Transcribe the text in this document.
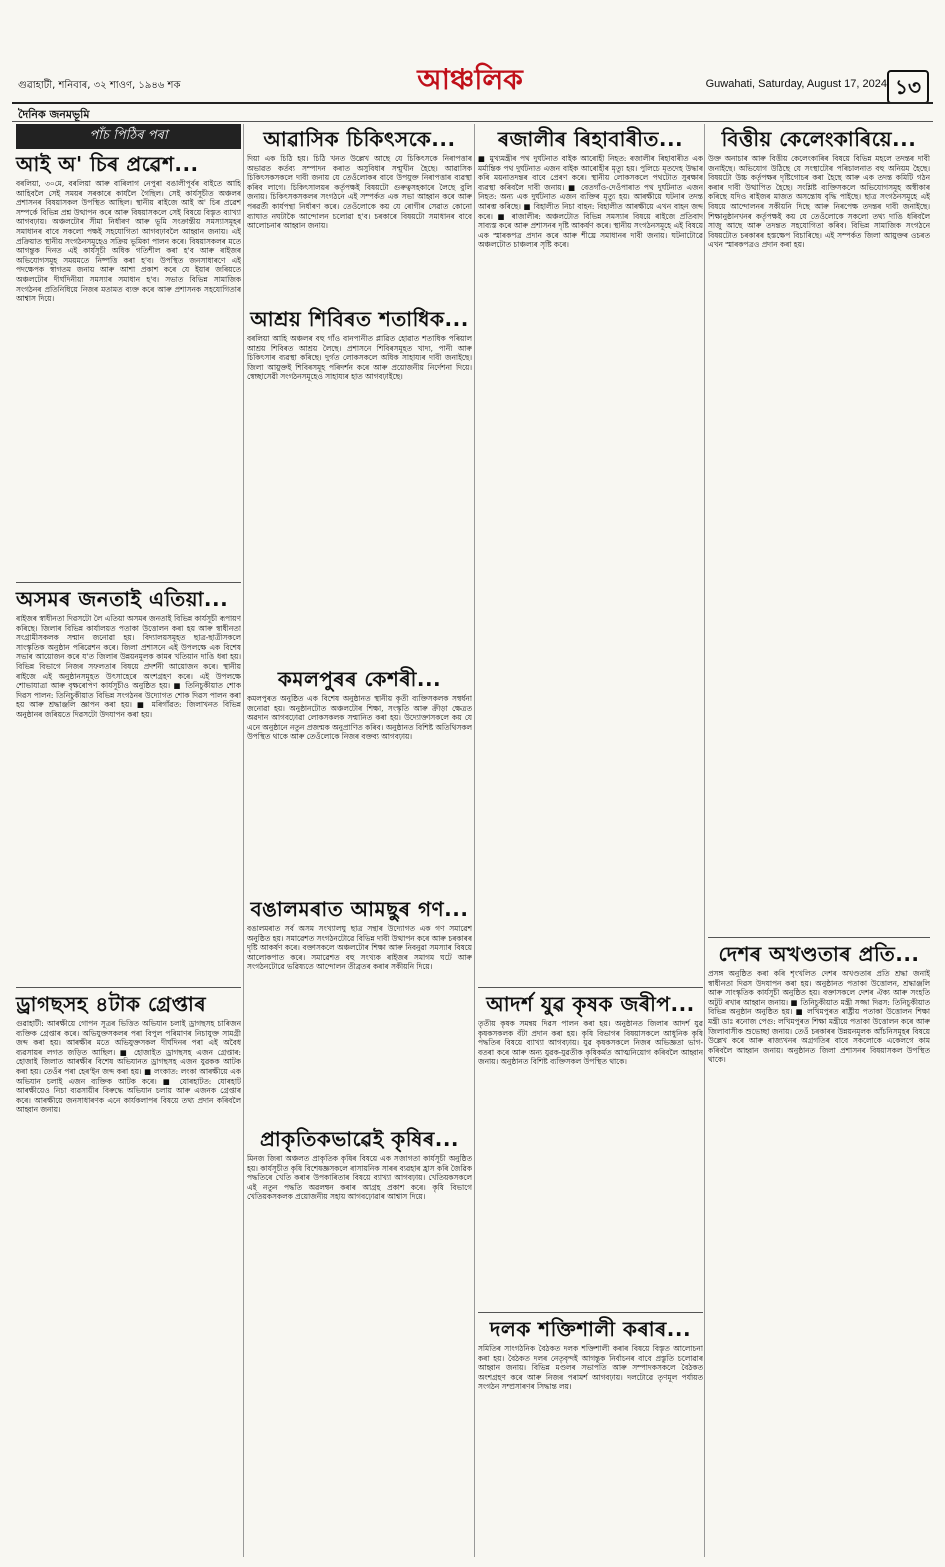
গুৱাহাটী, শনিবাৰ, ৩২ শাওণ, ১৯৪৬ শক	আঞ্চলিক	Guwahati, Saturday, August 17, 2024 ১৩
দৈনিক জনমভূমি
পাঁচ পিঠিৰ পৰা
আই অ' চিৰ প্ৰৱেশ...

বৰলিয়া, ৩০মে, বৰলিয়া আৰু বাৰিলাগ নেপুৰা বঙালীপূৰ্বৰ বাইতে আহি আহিবলৈ সেই সময়ৰ সৰকাৰে কাৰ্যলৈ গৈছিল। সেই কাৰ্যসূচীত অঞ্চলৰ প্ৰশাসনৰ বিষয়াসকল উপস্থিত আছিল। স্থানীয় ৰাইজে আই অ' চিৰ প্ৰৱেশ সম্পৰ্কে বিভিন্ন প্ৰশ্ন উত্থাপন কৰে আৰু বিষয়াসকলে সেই বিষয়ে বিস্তৃত ব্যাখ্যা আগবঢ়ায়। অঞ্চলটোৰ সীমা নিৰ্ধাৰণ আৰু ভূমি সংক্ৰান্তীয় সমস্যাসমূহৰ সমাধানৰ বাবে সকলো পক্ষই সহযোগিতা আগবঢ়াবলৈ আহ্বান জনায়। এই প্ৰক্ৰিয়াত স্থানীয় সংগঠনসমূহেও সক্ৰিয় ভূমিকা পালন কৰে। বিষয়াসকলৰ মতে আগন্তুক দিনত এই কাৰ্যসূচী অধিক গতিশীল কৰা হ'ব আৰু ৰাইজৰ অভিযোগসমূহ সময়মতে নিষ্পত্তি কৰা হ'ব। উপস্থিত জনসাধাৰণে এই পদক্ষেপক স্বাগতম জনায় আৰু আশা প্ৰকাশ কৰে যে ইয়াৰ জৰিয়তে অঞ্চলটোৰ দীৰ্ঘদিনীয়া সমস্যাৰ সমাধান হ'ব। সভাত বিভিন্ন সামাজিক সংগঠনৰ প্ৰতিনিধিয়ে নিজৰ মতামত ব্যক্ত কৰে আৰু প্ৰশাসনক সহযোগিতাৰ আশ্বাস দিয়ে।

অসমৰ জনতাই এতিয়া...

ৰাইজৰ স্বাধীনতা দিৱসটো লৈ এতিয়া অসমৰ জনতাই বিভিন্ন কাৰ্যসূচী ৰূপায়ণ কৰিছে। জিলাৰ বিভিন্ন কাৰ্যালয়ত পতাকা উত্তোলন কৰা হয় আৰু স্বাধীনতা সংগ্ৰামীসকলক সন্মান জনোৱা হয়। বিদ্যালয়সমূহত ছাত্ৰ-ছাত্ৰীসকলে সাংস্কৃতিক অনুষ্ঠান পৰিৱেশন কৰে। জিলা প্ৰশাসনে এই উপলক্ষে এক বিশেষ সভাৰ আয়োজন কৰে য'ত জিলাৰ উন্নয়নমূলক কামৰ খতিয়ান দাঙি ধৰা হয়। বিভিন্ন বিভাগে নিজৰ সফলতাৰ বিষয়ে প্ৰদৰ্শনী আয়োজন কৰে। স্থানীয় ৰাইজে এই অনুষ্ঠানসমূহত উৎসাহেৰে অংশগ্ৰহণ কৰে। এই উপলক্ষে শোভাযাত্ৰা আৰু বৃক্ষৰোপণ কাৰ্যসূচীও অনুষ্ঠিত হয়। ■ তিনিচুকীয়াত শোক দিৱস পালন: তিনিচুকীয়াত বিভিন্ন সংগঠনৰ উদ্যোগত শোক দিৱস পালন কৰা হয় আৰু শ্ৰদ্ধাঞ্জলি জ্ঞাপন কৰা হয়। ■ মৰিগাঁৱত: জিলাখনত বিভিন্ন অনুষ্ঠানৰ জৰিয়তে দিৱসটো উদযাপন কৰা হয়।

ড্ৰাগছসহ ৪টাক গ্ৰেপ্তাৰ

গুৱাহাটী: আৰক্ষীয়ে গোপন সূত্ৰৰ ভিত্তিত অভিযান চলাই ড্ৰাগছসহ চাৰিজন ব্যক্তিক গ্ৰেপ্তাৰ কৰে। অভিযুক্তসকলৰ পৰা বিপুল পৰিমাণৰ নিচাযুক্ত সামগ্ৰী জব্দ কৰা হয়। আৰক্ষীৰ মতে অভিযুক্তসকল দীৰ্ঘদিনৰ পৰা এই অবৈধ ব্যৱসায়ৰ লগত জড়িত আছিল। ■ হোজাইত ড্ৰাগছসহ এজন গ্ৰেপ্তাৰ: হোজাই জিলাত আৰক্ষীৰ বিশেষ অভিযানত ড্ৰাগছসহ এজন যুৱকক আটক কৰা হয়। তেওঁৰ পৰা হেৰ'ইন জব্দ কৰা হয়। ■ লংকাত: লংকা আৰক্ষীয়ে এক অভিযান চলাই এজন ব্যক্তিক আটক কৰে। ■ যোৰহাটত: যোৰহাট আৰক্ষীয়েও নিচা ব্যৱসায়ীৰ বিৰুদ্ধে অভিযান চলায় আৰু এজনক গ্ৰেপ্তাৰ কৰে। আৰক্ষীয়ে জনসাধাৰণক এনে কাৰ্যকলাপৰ বিষয়ে তথ্য প্ৰদান কৰিবলৈ আহ্বান জনায়।

আৱাসিক চিকিৎসকে...

দিয়া এক চিঠি হয়। চিঠি খনত উল্লেখ আছে যে চিকিৎসকে নিৰাপত্তাৰ অভাৱত কৰ্তব্য সম্পাদন কৰাত অসুবিধাৰ সন্মুখীন হৈছে। আৱাসিক চিকিৎসকসকলে দাবী জনায় যে তেওঁলোকৰ বাবে উপযুক্ত নিৰাপত্তাৰ ব্যৱস্থা কৰিব লাগে। চিকিৎসালয়ৰ কৰ্তৃপক্ষই বিষয়টো গুৰুত্বসহকাৰে লৈছে বুলি জনায়। চিকিৎসকসকলৰ সংগঠনে এই সম্পৰ্কত এক সভা আহ্বান কৰে আৰু পৰৱৰ্তী কাৰ্যপন্থা নিৰ্ধাৰণ কৰে। তেওঁলোকে কয় যে ৰোগীৰ সেৱাত কোনো ব্যাঘাত নঘটাকৈ আন্দোলন চলোৱা হ'ব। চৰকাৰে বিষয়টো সমাধানৰ বাবে আলোচনাৰ আহ্বান জনায়।

আশ্ৰয় শিবিৰত শতাধিক...

বৰলিয়া আহি অঞ্চলৰ বহু গাঁও বানপানীত প্লাৱিত হোৱাত শতাধিক পৰিয়াল আশ্ৰয় শিবিৰত আশ্ৰয় লৈছে। প্ৰশাসনে শিবিৰসমূহত খাদ্য, পানী আৰু চিকিৎসাৰ ব্যৱস্থা কৰিছে। দুৰ্গত লোকসকলে অধিক সাহায্যৰ দাবী জনাইছে। জিলা আয়ুক্তই শিবিৰসমূহ পৰিদৰ্শন কৰে আৰু প্ৰয়োজনীয় নিৰ্দেশনা দিয়ে। স্বেচ্ছাসেৱী সংগঠনসমূহেও সাহায্যৰ হাত আগবঢ়াইছে।

কমলপুৰৰ কেশৰী...

কমলপুৰত অনুষ্ঠিত এক বিশেষ অনুষ্ঠানত স্থানীয় কৃতী ব্যক্তিসকলক সম্বৰ্ধনা জনোৱা হয়। অনুষ্ঠানটোত অঞ্চলটোৰ শিক্ষা, সংস্কৃতি আৰু ক্ৰীড়া ক্ষেত্ৰত অৱদান আগবঢ়োৱা লোকসকলক সন্মানিত কৰা হয়। উদ্যোক্তাসকলে কয় যে এনে অনুষ্ঠানে নতুন প্ৰজন্মক অনুপ্ৰাণিত কৰিব। অনুষ্ঠানত বিশিষ্ট অতিথিসকল উপস্থিত থাকে আৰু তেওঁলোকে নিজৰ বক্তব্য আগবঢ়ায়।

বঙালমৰাত আমছুৰ গণ...

বঙালমৰাত সৰ্ব অসম সংখ্যালঘু ছাত্ৰ সন্থাৰ উদ্যোগত এক গণ সমাৱেশ অনুষ্ঠিত হয়। সমাৱেশত সংগঠনটোৱে বিভিন্ন দাবী উত্থাপন কৰে আৰু চৰকাৰৰ দৃষ্টি আকৰ্ষণ কৰে। বক্তাসকলে অঞ্চলটোৰ শিক্ষা আৰু নিবনুৱা সমস্যাৰ বিষয়ে আলোকপাত কৰে। সমাৱেশত বহু সংখ্যক ৰাইজৰ সমাগম ঘটে আৰু সংগঠনটোৱে ভৱিষ্যতে আন্দোলন তীব্ৰতৰ কৰাৰ সকীয়নি দিয়ে।

প্ৰাকৃতিকভাৱেই কৃষিৰ...

মিনজ জিৰা অঞ্চলত প্ৰাকৃতিক কৃষিৰ বিষয়ে এক সজাগতা কাৰ্যসূচী অনুষ্ঠিত হয়। কাৰ্যসূচীত কৃষি বিশেষজ্ঞসকলে ৰাসায়নিক সাৰৰ ব্যৱহাৰ হ্ৰাস কৰি জৈৱিক পদ্ধতিৰে খেতি কৰাৰ উপকাৰিতাৰ বিষয়ে ব্যাখ্যা আগবঢ়ায়। খেতিয়কসকলে এই নতুন পদ্ধতি অৱলম্বন কৰাৰ আগ্ৰহ প্ৰকাশ কৰে। কৃষি বিভাগে খেতিয়কসকলক প্ৰয়োজনীয় সহায় আগবঢ়োৱাৰ আশ্বাস দিয়ে।

ৰজালীৰ ৰিহাবাৰীত...

■ মুখ্যমন্ত্ৰীৰ পথ দুৰ্ঘটনাত বাইক আৰোহী নিহত: ৰজালীৰ ৰিহাবাৰীত এক মৰ্মান্তিক পথ দুৰ্ঘটনাত এজন বাইক আৰোহীৰ মৃত্যু হয়। পুলিচে মৃতদেহ উদ্ধাৰ কৰি ময়নাতদন্তৰ বাবে প্ৰেৰণ কৰে। স্থানীয় লোকসকলে পথটোত সুৰক্ষাৰ ব্যৱস্থা কৰিবলৈ দাবী জনায়। ■ বেতগাঁও-দেওঁপাৰাত পথ দুৰ্ঘটনাত এজন নিহত: অন্য এক দুৰ্ঘটনাত এজন ব্যক্তিৰ মৃত্যু হয়। আৰক্ষীয়ে ঘটনাৰ তদন্ত আৰম্ভ কৰিছে। ■ বিহালীত নিচা বাহন: বিহালীত আৰক্ষীয়ে এখন বাহন জব্দ কৰে। ■ ৰাজালীৰ: অঞ্চলটোত বিভিন্ন সমস্যাৰ বিষয়ে ৰাইজে প্ৰতিবাদ সাব্যস্ত কৰে আৰু প্ৰশাসনৰ দৃষ্টি আকৰ্ষণ কৰে। স্থানীয় সংগঠনসমূহে এই বিষয়ে এক স্মাৰকপত্ৰ প্ৰদান কৰে আৰু শীঘ্ৰে সমাধানৰ দাবী জনায়। ঘটনাটোৱে অঞ্চলটোত চাঞ্চল্যৰ সৃষ্টি কৰে।

আদৰ্শ যুৱ কৃষক জৰীপ...

তৃতীয় কৃষক সমন্বয় দিৱস পালন কৰা হয়। অনুষ্ঠানত জিলাৰ আদৰ্শ যুৱ কৃষকসকলক বঁটা প্ৰদান কৰা হয়। কৃষি বিভাগৰ বিষয়াসকলে আধুনিক কৃষি পদ্ধতিৰ বিষয়ে ব্যাখ্যা আগবঢ়ায়। যুৱ কৃষকসকলে নিজৰ অভিজ্ঞতা ভাগ-বতৰা কৰে আৰু অন্য যুৱক-যুৱতীক কৃষিকৰ্মত আত্মনিয়োগ কৰিবলৈ আহ্বান জনায়। অনুষ্ঠানত বিশিষ্ট ব্যক্তিসকল উপস্থিত থাকে।

দলক শক্তিশালী কৰাৰ...

সমিতিৰ সাংগঠনিক বৈঠকত দলক শক্তিশালী কৰাৰ বিষয়ে বিস্তৃত আলোচনা কৰা হয়। বৈঠকত দলৰ নেতৃবৃন্দই আগন্তুক নিৰ্বাচনৰ বাবে প্ৰস্তুতি চলোৱাৰ আহ্বান জনায়। বিভিন্ন মণ্ডলৰ সভাপতি আৰু সম্পাদকসকলে বৈঠকত অংশগ্ৰহণ কৰে আৰু নিজৰ পৰামৰ্শ আগবঢ়ায়। দলটোৱে তৃণমূল পৰ্যায়ত সংগঠন সম্প্ৰসাৰণৰ সিদ্ধান্ত লয়।

বিত্তীয় কেলেংকাৰিয়ে...

উক্ত অনাচাৰ আৰু বিত্তীয় কেলেংকাৰিৰ বিষয়ে বিভিন্ন মহলে তদন্তৰ দাবী জনাইছে। অভিযোগ উঠিছে যে সংস্থাটোৰ পৰিচালনাত বহু অনিয়ম হৈছে। বিষয়টো উচ্চ কৰ্তৃপক্ষৰ দৃষ্টিগোচৰ কৰা হৈছে আৰু এক তদন্ত কমিটি গঠন কৰাৰ দাবী উত্থাপিত হৈছে। সংশ্লিষ্ট ব্যক্তিসকলে অভিযোগসমূহ অস্বীকাৰ কৰিছে যদিও ৰাইজৰ মাজত অসন্তোষ বৃদ্ধি পাইছে। ছাত্ৰ সংগঠনসমূহে এই বিষয়ে আন্দোলনৰ সকীয়নি দিছে আৰু নিৰপেক্ষ তদন্তৰ দাবী জনাইছে। শিক্ষানুষ্ঠানখনৰ কৰ্তৃপক্ষই কয় যে তেওঁলোকে সকলো তথ্য দাঙি ধৰিবলৈ সাজু আছে আৰু তদন্তত সহযোগিতা কৰিব। বিভিন্ন সামাজিক সংগঠনে বিষয়টোত চৰকাৰৰ হস্তক্ষেপ বিচাৰিছে। এই সম্পৰ্কত জিলা আয়ুক্তৰ ওচৰত এখন স্মাৰকপত্ৰও প্ৰদান কৰা হয়।

দেশৰ অখণ্ডতাৰ প্ৰতি...

প্ৰসঙ্গ অনুষ্ঠিত কৰা কৰি শৃংখলিত দেশৰ অখণ্ডতাৰ প্ৰতি শ্ৰদ্ধা জনাই স্বাধীনতা দিৱস উদযাপন কৰা হয়। অনুষ্ঠানত পতাকা উত্তোলন, শ্ৰদ্ধাঞ্জলি আৰু সাংস্কৃতিক কাৰ্যসূচী অনুষ্ঠিত হয়। বক্তাসকলে দেশৰ ঐক্য আৰু সংহতি অটুট ৰখাৰ আহ্বান জনায়। ■ তিনিচুকীয়াত মন্ত্ৰী সজ্জা দিৱস: তিনিচুকীয়াত বিভিন্ন অনুষ্ঠান অনুষ্ঠিত হয়। ■ লখিমপুৰত ৰাষ্ট্ৰীয় পতাকা উত্তোলন শিক্ষা মন্ত্ৰী ডাঃ ৰনোজ পেগু: লখিমপুৰত শিক্ষা মন্ত্ৰীয়ে পতাকা উত্তোলন কৰে আৰু জিলাবাসীক শুভেচ্ছা জনায়। তেওঁ চৰকাৰৰ উন্নয়নমূলক আঁচনিসমূহৰ বিষয়ে উল্লেখ কৰে আৰু ৰাজ্যখনৰ অগ্ৰগতিৰ বাবে সকলোকে একেলগে কাম কৰিবলৈ আহ্বান জনায়। অনুষ্ঠানত জিলা প্ৰশাসনৰ বিষয়াসকল উপস্থিত থাকে।
